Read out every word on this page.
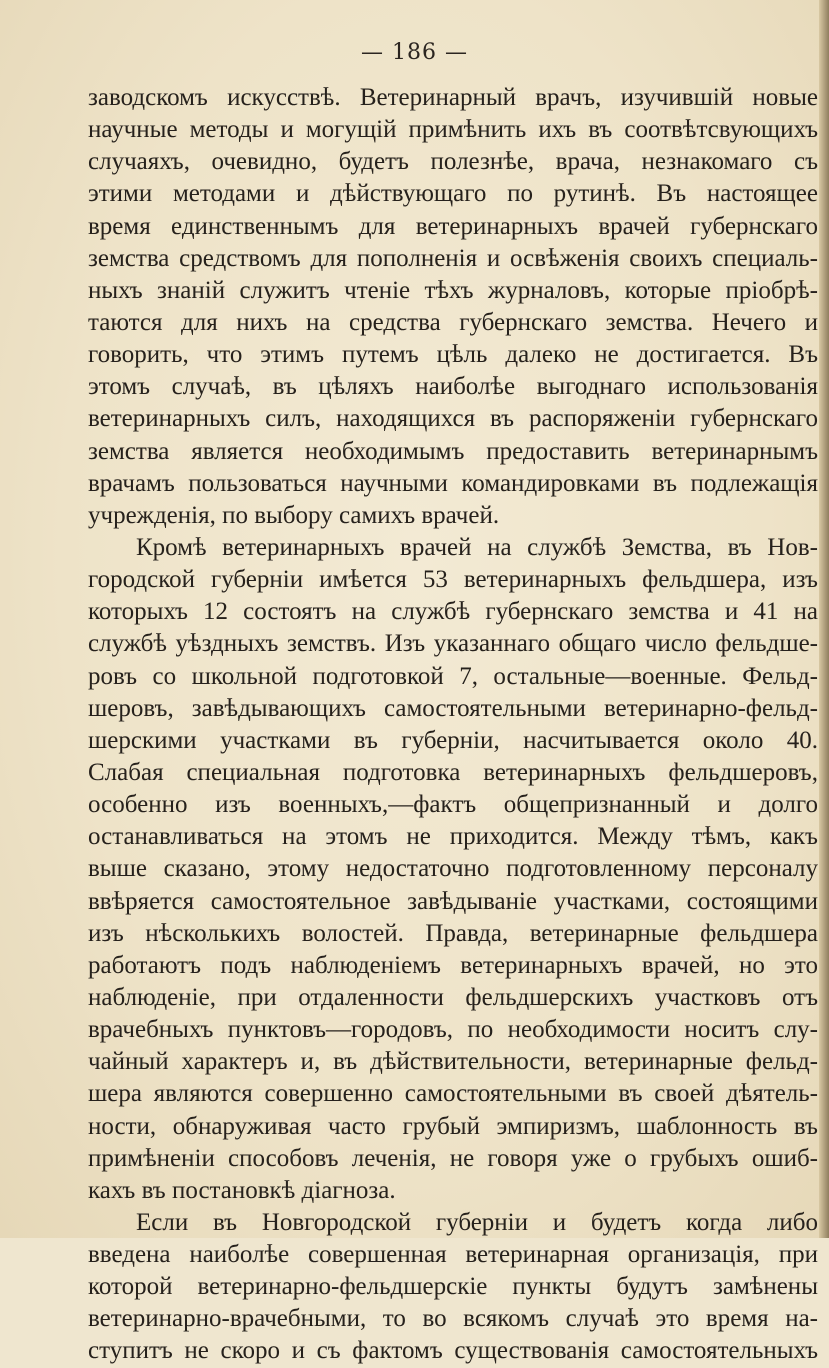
— 186 —
заводскомъ искусствѣ. Ветеринарный врачъ, изучившій новые
научные методы и могущій примѣнить ихъ въ соотвѣтсвующихъ
случаяхъ, очевидно, будетъ полезнѣе, врача, незнакомаго съ
этими методами и дѣйствующаго по рутинѣ. Въ настоящее
время единственнымъ для ветеринарныхъ врачей губернскаго
земства средствомъ для пополненія и освѣженія своихъ специаль-
ныхъ знаній служитъ чтеніе тѣхъ журналовъ, которые пріобрѣ-
таются для нихъ на средства губернскаго земства. Нечего и
говорить, что этимъ путемъ цѣль далеко не достигается. Въ
этомъ случаѣ, въ цѣляхъ наиболѣе выгоднаго использованія
ветеринарныхъ силъ, находящихся въ распоряженіи губернскаго
земства является необходимымъ предоставить ветеринарнымъ
врачамъ пользоваться научными командировками въ подлежащія
учрежденія, по выбору самихъ врачей.
Кромѣ ветеринарныхъ врачей на службѣ Земства, въ Нов-
городской губерніи имѣется 53 ветеринарныхъ фельдшера, изъ
которыхъ 12 состоятъ на службѣ губернскаго земства и 41 на
службѣ уѣздныхъ земствъ. Изъ указаннаго общаго число фельдше-
ровъ со школьной подготовкой 7, остальные—военные. Фельд-
шеровъ, завѣдывающихъ самостоятельными ветеринарно-фельд-
шерскими участками въ губерніи, насчитывается около 40.
Слабая специальная подготовка ветеринарныхъ фельдшеровъ,
особенно изъ военныхъ,—фактъ общепризнанный и долго
останавливаться на этомъ не приходится. Между тѣмъ, какъ
выше сказано, этому недостаточно подготовленному персоналу
ввѣряется самостоятельное завѣдываніе участками, состоящими
изъ нѣсколькихъ волостей. Правда, ветеринарные фельдшера
работаютъ подъ наблюденіемъ ветеринарныхъ врачей, но это
наблюденіе, при отдаленности фельдшерскихъ участковъ отъ
врачебныхъ пунктовъ—городовъ, по необходимости носитъ слу-
чайный характеръ и, въ дѣйствительности, ветеринарные фельд-
шера являются совершенно самостоятельными въ своей дѣятель-
ности, обнаруживая часто грубый эмпиризмъ, шаблонность въ
примѣненіи способовъ леченія, не говоря уже о грубыхъ ошиб-
кахъ въ постановкѣ діагноза.
Если въ Новгородской губерніи и будетъ когда либо
введена наиболѣе совершенная ветеринарная организація, при
которой ветеринарно-фельдшерскіе пункты будутъ замѣнены
ветеринарно-врачебными, то во всякомъ случаѣ это время на-
ступитъ не скоро и съ фактомъ существованія самостоятельныхъ
